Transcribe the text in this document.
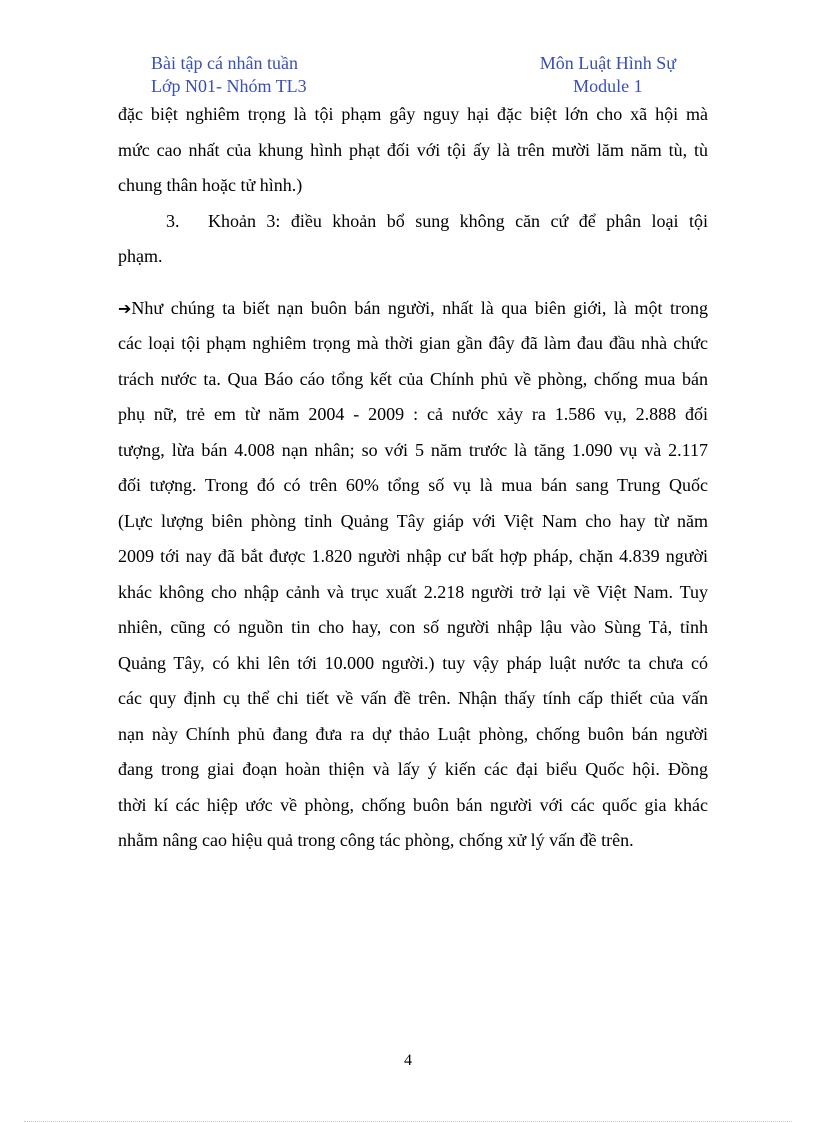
Bài tập cá nhân tuần
Lớp N01- Nhóm TL3
Môn Luật Hình Sự
Module 1
đặc biệt nghiêm trọng là tội phạm gây nguy hại đặc biệt lớn cho xã hội mà
mức cao nhất của khung hình phạt đối với tội ấy là trên mười lăm năm tù, tù
chung thân hoặc tử hình.)
3. Khoản 3: điều khoản bổ sung không căn cứ để phân loại tội
phạm.
➔Như chúng ta biết nạn buôn bán người, nhất là qua biên giới, là một trong
các loại tội phạm nghiêm trọng mà thời gian gần đây đã làm đau đầu nhà chức
trách nước ta. Qua Báo cáo tổng kết của Chính phủ về phòng, chống mua bán
phụ nữ, trẻ em từ năm 2004 - 2009 : cả nước xảy ra 1.586 vụ, 2.888 đối
tượng, lừa bán 4.008 nạn nhân; so với 5 năm trước là tăng 1.090 vụ và 2.117
đối tượng. Trong đó có trên 60% tổng số vụ là mua bán sang Trung Quốc
(Lực lượng biên phòng tỉnh Quảng Tây giáp với Việt Nam cho hay từ năm
2009 tới nay đã bắt được 1.820 người nhập cư bất hợp pháp, chặn 4.839 người
khác không cho nhập cảnh và trục xuất 2.218 người trở lại về Việt Nam. Tuy
nhiên, cũng có nguồn tin cho hay, con số người nhập lậu vào Sùng Tả, tỉnh
Quảng Tây, có khi lên tới 10.000 người.) tuy vậy pháp luật nước ta chưa có
các quy định cụ thể chi tiết về vấn đề trên. Nhận thấy tính cấp thiết của vấn
nạn này Chính phủ đang đưa ra dự thảo Luật phòng, chống buôn bán người
đang trong giai đoạn hoàn thiện và lấy ý kiến các đại biểu Quốc hội. Đồng
thời kí các hiệp ước về phòng, chống buôn bán người với các quốc gia khác
nhằm nâng cao hiệu quả trong công tác phòng, chống xử lý vấn đề trên.
4
